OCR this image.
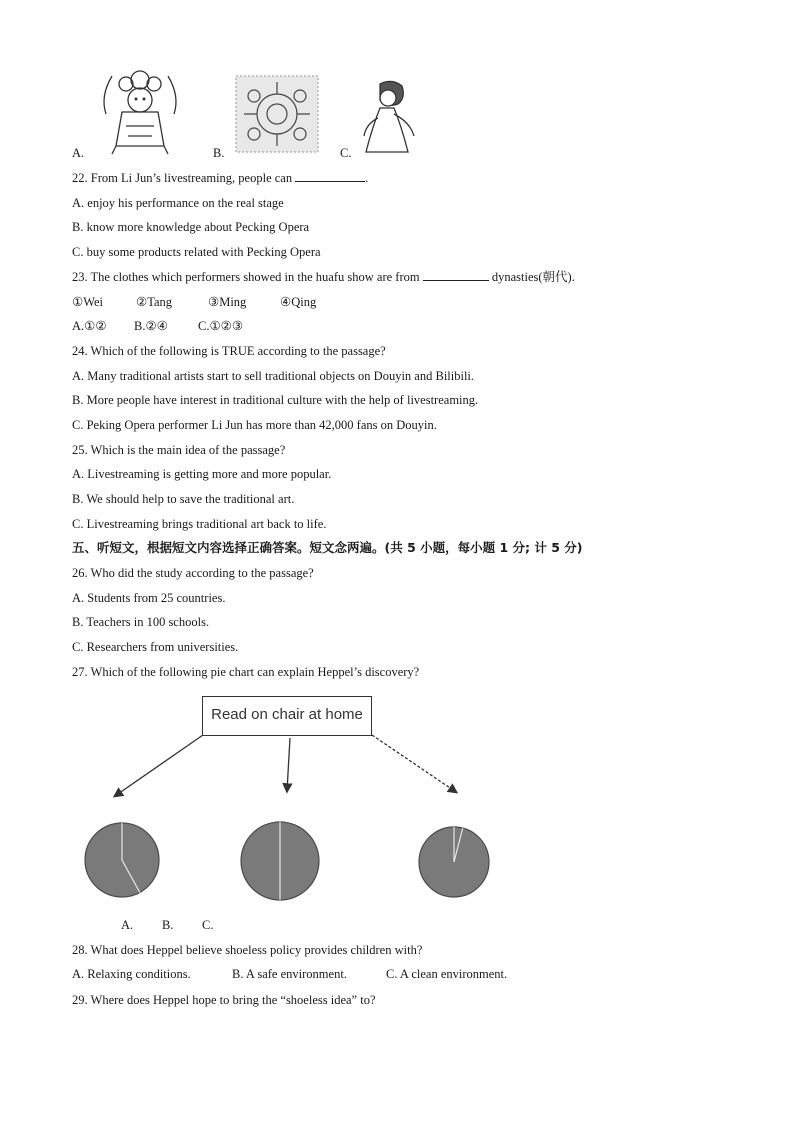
A.	B.	C.
22. From Li Jun’s livestreaming, people can	.
A. enjoy his performance on the real stage
B. know more knowledge about Pecking Opera
C. buy some products related with Pecking Opera
23. The clothes which performers showed in the huafu show are from	dynasties(朝代).
①Wei	②Tang	③Ming	④Qing
A.①② B.②④ C.①②③
24. Which of the following is TRUE according to the passage?
A. Many traditional artists start to sell traditional objects on Douyin and Bilibili.
B. More people have interest in traditional culture with the help of livestreaming.
C. Peking Opera performer Li Jun has more than 42,000 fans on Douyin.
25. Which is the main idea of the passage?
A. Livestreaming is getting more and more popular.
B. We should help to save the traditional art.
C. Livestreaming brings traditional art back to life.
五、听短文，根据短文内容选择正确答案。短文念两遍。(共 5 小题，每小题 1 分; 计 5 分)
26. Who did the study according to the passage?
A. Students from 25 countries.
B. Teachers in 100 schools.
C. Researchers from universities.
27. Which of the following pie chart can explain Heppel’s discovery?
Read on chair at home
A. B. C.
28. What does Heppel believe shoeless policy provides children with?
A. Relaxing conditions.	B. A safe environment.	C. A clean environment.
29. Where does Heppel hope to bring the “shoeless idea” to?
